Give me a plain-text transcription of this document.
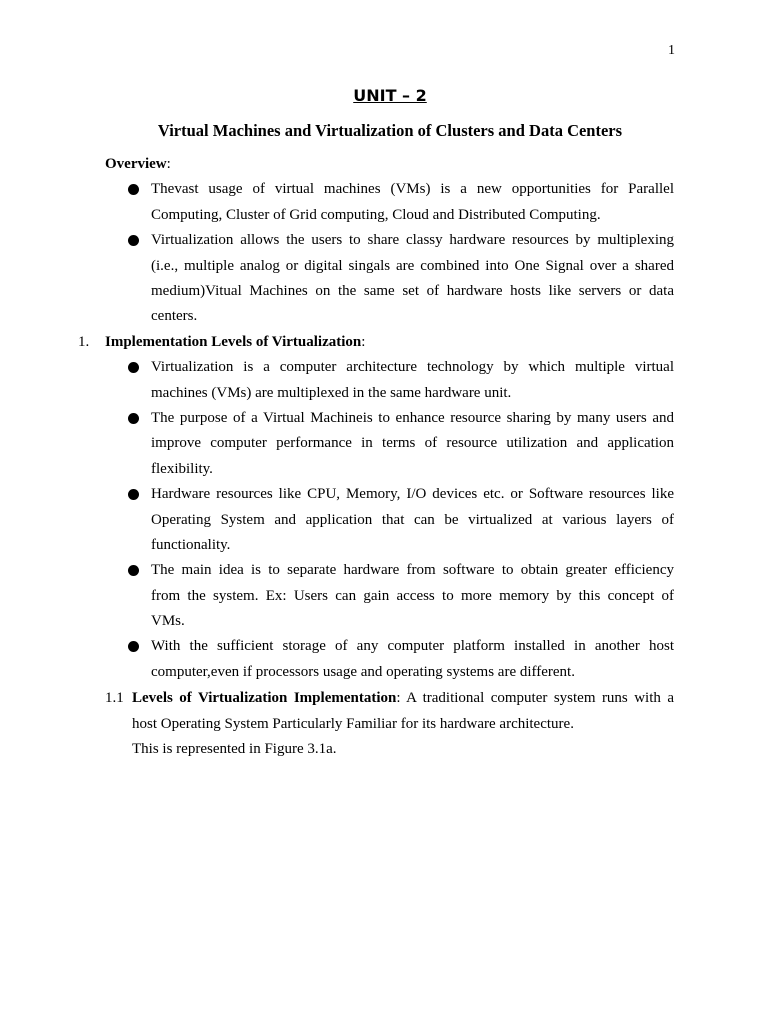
1
UNIT – 2
Virtual Machines and Virtualization of Clusters and Data Centers
Overview:
Thevast usage of virtual machines (VMs) is a new opportunities for Parallel
Computing, Cluster of Grid computing, Cloud and Distributed Computing.
Virtualization allows the users to share classy hardware resources by multiplexing
(i.e., multiple analog or digital singals are combined into One Signal over a shared
medium)Vitual Machines on the same set of hardware hosts like servers or data
centers.
1. Implementation Levels of Virtualization:
Virtualization is a computer architecture technology by which multiple virtual
machines (VMs) are multiplexed in the same hardware unit.
The purpose of a Virtual Machineis to enhance resource sharing by many users and
improve computer performance in terms of resource utilization and application
flexibility.
Hardware resources like CPU, Memory, I/O devices etc. or Software resources like
Operating System and application that can be virtualized at various layers of
functionality.
The main idea is to separate hardware from software to obtain greater efficiency
from the system. Ex: Users can gain access to more memory by this concept of
VMs.
With the sufficient storage of any computer platform installed in another host
computer,even if processors usage and operating systems are different.
1.1 Levels of Virtualization Implementation: A traditional computer system runs with a
host Operating System Particularly Familiar for its hardware architecture.
This is represented in Figure 3.1a.
